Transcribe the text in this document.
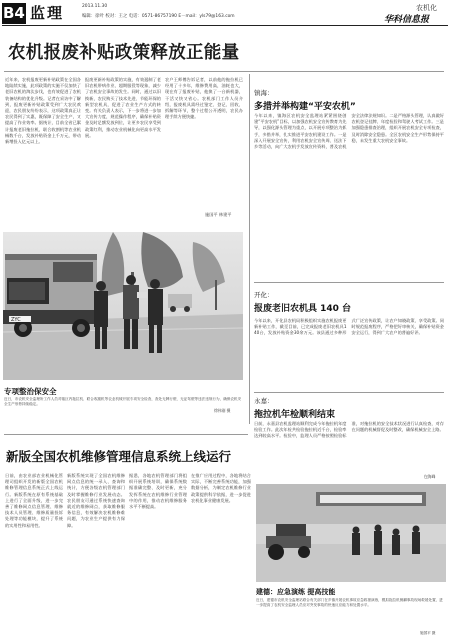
B4 监理	2013.11.30
编辑：徐叶 校对：王之 电话：0571-86757190 E－mail：yls79@163.com
农机化
华科信息报
农机报废补贴政策释放正能量
近年来，农机报废更新补贴政策在全国各地陆续实施，此项政策的实施不仅加快了老旧农机的淘汰步伐，也有效促进了农机装备结构的优化升级。记者在采访中了解到，报废更新补贴政策受到广大农民欢迎，农民朋友纷纷表示，这项政策真正让农民得到了实惠，既保障了安全生产，又提高了作业效率。据统计，目前全省已累计报废老旧拖拉机、联合收割机等农业机械数千台，发放补贴资金上千万元，带动新增投入亿元以上。
报废更新补贴政策的实施，有效遏制了老旧农机带病作业、超期服役等现象，减少了农机安全事故的发生。同时，通过以旧换新，农民购买了技术先进、节能环保的新型农机具，促进了农业生产方式的转变。有关负责人表示，下一步将进一步加大宣传力度，规范操作程序，确保补贴资金及时足额发放到位，让更多农民享受到政策红利，推动农业机械化向更高水平发展。
农户王师傅告诉记者，以前他的拖拉机已经用了十多年，维修费用高，油耗也大，现在有了报废补贴，他换了一台新机器，干活又快又省心。农机部门工作人员介绍，报废机具需经过鉴定、登记、回收、拆解等环节，整个过程公开透明，农民办理手续方便快捷。
施国平 林建平
ZYC
专项整治保安全
近日，市农机安全监理所工作人员对辖区内拖拉机、联合收割机等农业机械开展专项安全检查，查处无牌行驶、无证驾驶等违法违规行为，确保农机安全生产形势持续稳定。
徐伟刚 摄
镇海：
多措并举构建“平安农机”
今年以来，镇海区农机安全监理站紧紧围绕创建“平安农机”目标，以加强农机安全宣传教育为先导，以强化源头管理为重点，以开展专项整治为抓手，多措并举，扎实推进平安农机建设工作。一是深入开展安全宣传，利用农机安全宣传周、送法下乡等活动，向广大农机手发放宣传资料，普及农机安全法律法规知识。二是严格源头管理，认真做好农机登记挂牌、年度检验和驾驶人考试工作。三是加强隐患排查治理，组织开展农机安全专项检查，及时消除安全隐患。全区农机安全生产形势保持平稳，未发生重大农机安全事故。
开化：
报废老旧农机具 140 台
今年以来，开化县农机局积极组织实施农机报废更新补贴工作，截至目前，已完成报废老旧农机具140台，发放补贴资金30余万元。该县通过多种形式广泛宣传政策，让农户知晓政策、享受政策。同时规范报废程序，严格把好审核关，确保补贴资金安全运行，得到广大农户的普遍好评。
永嘉：
拖拉机年检顺利结束
日前，永嘉县农机监理站顺利完成今年拖拉机年度检验工作。此次年检共检验拖拉机近千台，检验率达到较高水平。检验中，监理人员严格按照检验标准，对拖拉机的安全技术状况进行认真检查，对存在问题的机械督促及时整改，确保机械安全上路。
包海峰
新版全国农机维修管理信息系统上线运行
日前，由农业部农业机械化管理司组织开发的新版全国农机维修管理信息系统正式上线运行。新版系统在原有系统基础上进行了全面升级，进一步完善了维修网点信息管理、维修技术人员管理、维修质量投诉处理等功能模块，提升了系统的实用性和易用性。
新版系统实现了全国农机维修网点信息的统一录入、查询和统计，方便各级农机管理部门及时掌握维修行业发展动态。农民朋友可通过系统快速查询就近的维修网点，获取维修服务信息，有效解决农机维修难问题，为农业生产提供有力保障。
据悉，各地农机管理部门将组织开展系统培训，确保系统数据准确完整、及时更新，充分发挥系统在农机维修行业管理中的作用，推动农机维修服务水平不断提高。
在推广应用过程中，各地将结合实际，不断完善系统功能，加强数据分析，为制定农机维修行业政策提供科学依据，进一步促进农机化事业健康发展。
建德：应急演练 提高技能
近日，建德市农机安全监理站联合有关部门在乡镇开展农机事故应急救援演练，模拟拖拉机侧翻事故现场救援处置，进一步提高了农机安全监理人员应对突发事故的快速反应能力和处置水平。
施国平 摄
